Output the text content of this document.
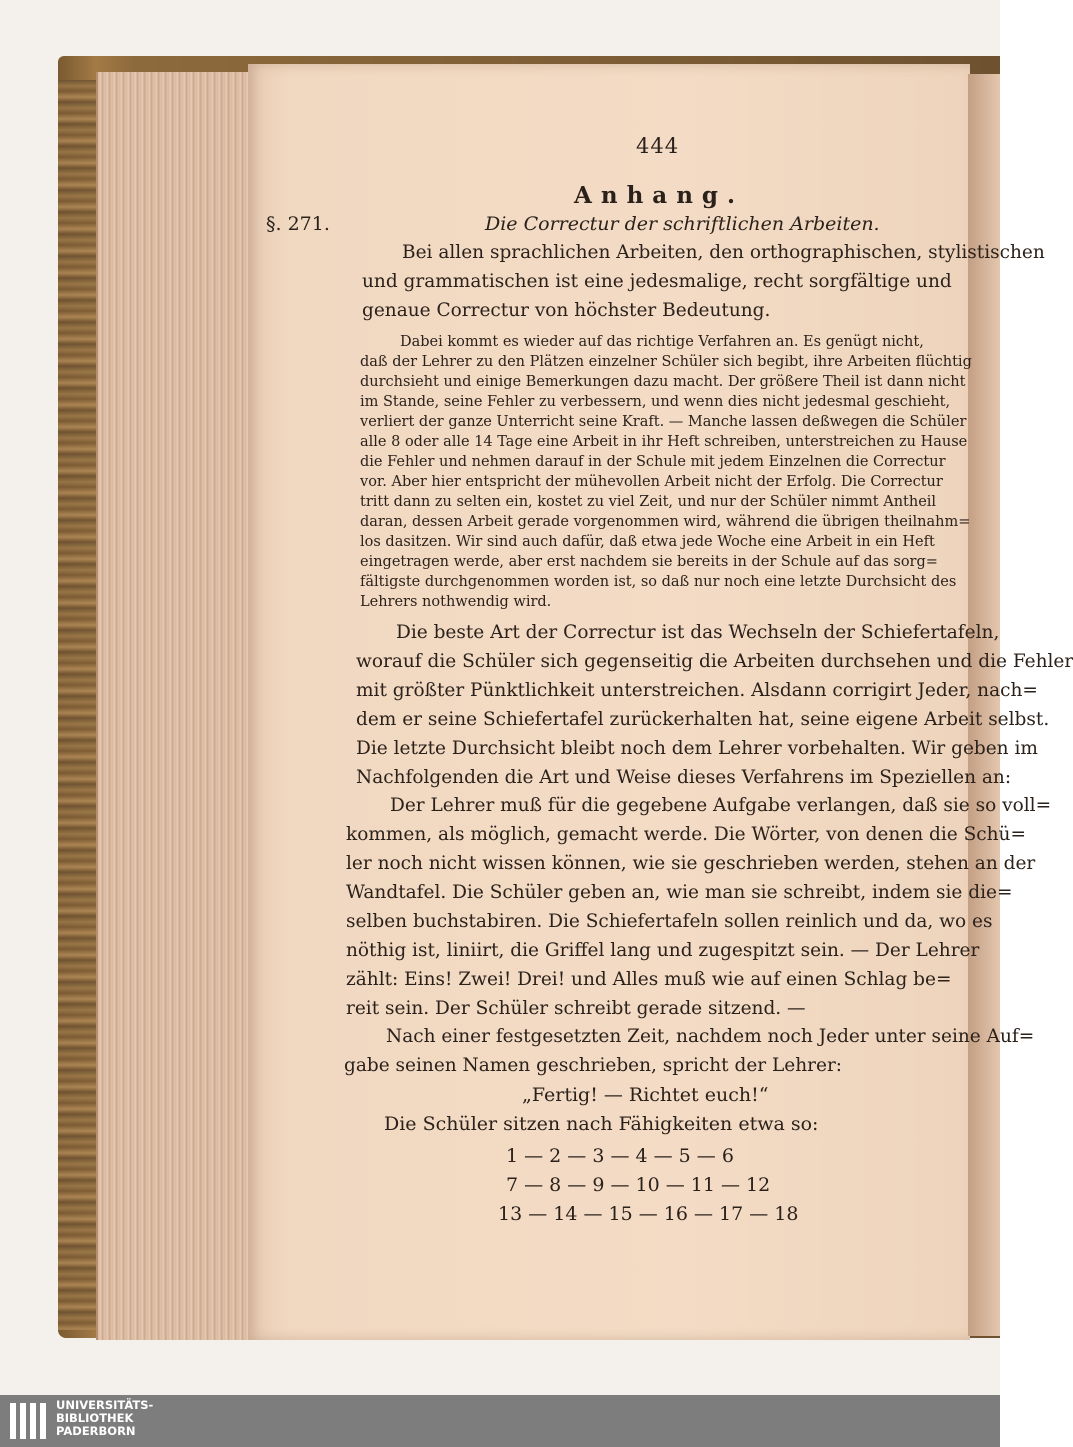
444
Anhang.
§. 271.	Die Correctur der schriftlichen Arbeiten.
Bei allen sprachlichen Arbeiten, den orthographischen, stylistischen
und grammatischen ist eine jedesmalige, recht sorgfältige und
genaue Correctur von höchster Bedeutung.
Dabei kommt es wieder auf das richtige Verfahren an. Es genügt nicht,
daß der Lehrer zu den Plätzen einzelner Schüler sich begibt, ihre Arbeiten flüchtig
durchsieht und einige Bemerkungen dazu macht. Der größere Theil ist dann nicht
im Stande, seine Fehler zu verbessern, und wenn dies nicht jedesmal geschieht,
verliert der ganze Unterricht seine Kraft. — Manche lassen deßwegen die Schüler
alle 8 oder alle 14 Tage eine Arbeit in ihr Heft schreiben, unterstreichen zu Hause
die Fehler und nehmen darauf in der Schule mit jedem Einzelnen die Correctur
vor. Aber hier entspricht der mühevollen Arbeit nicht der Erfolg. Die Correctur
tritt dann zu selten ein, kostet zu viel Zeit, und nur der Schüler nimmt Antheil
daran, dessen Arbeit gerade vorgenommen wird, während die übrigen theilnahm=
los dasitzen. Wir sind auch dafür, daß etwa jede Woche eine Arbeit in ein Heft
eingetragen werde, aber erst nachdem sie bereits in der Schule auf das sorg=
fältigste durchgenommen worden ist, so daß nur noch eine letzte Durchsicht des
Lehrers nothwendig wird.
Die beste Art der Correctur ist das Wechseln der Schiefertafeln,
worauf die Schüler sich gegenseitig die Arbeiten durchsehen und die Fehler
mit größter Pünktlichkeit unterstreichen. Alsdann corrigirt Jeder, nach=
dem er seine Schiefertafel zurückerhalten hat, seine eigene Arbeit selbst.
Die letzte Durchsicht bleibt noch dem Lehrer vorbehalten. Wir geben im
Nachfolgenden die Art und Weise dieses Verfahrens im Speziellen an:
Der Lehrer muß für die gegebene Aufgabe verlangen, daß sie so voll=
kommen, als möglich, gemacht werde. Die Wörter, von denen die Schü=
ler noch nicht wissen können, wie sie geschrieben werden, stehen an der
Wandtafel. Die Schüler geben an, wie man sie schreibt, indem sie die=
selben buchstabiren. Die Schiefertafeln sollen reinlich und da, wo es
nöthig ist, liniirt, die Griffel lang und zugespitzt sein. — Der Lehrer
zählt: Eins! Zwei! Drei! und Alles muß wie auf einen Schlag be=
reit sein. Der Schüler schreibt gerade sitzend. —
Nach einer festgesetzten Zeit, nachdem noch Jeder unter seine Auf=
gabe seinen Namen geschrieben, spricht der Lehrer:
„Fertig! — Richtet euch!“
Die Schüler sitzen nach Fähigkeiten etwa so:
1 — 2 — 3 — 4 — 5 — 6
7 — 8 — 9 — 10 — 11 — 12
13 — 14 — 15 — 16 — 17 — 18
UNIVERSITÄTS-
BIBLIOTHEK
PADERBORN
